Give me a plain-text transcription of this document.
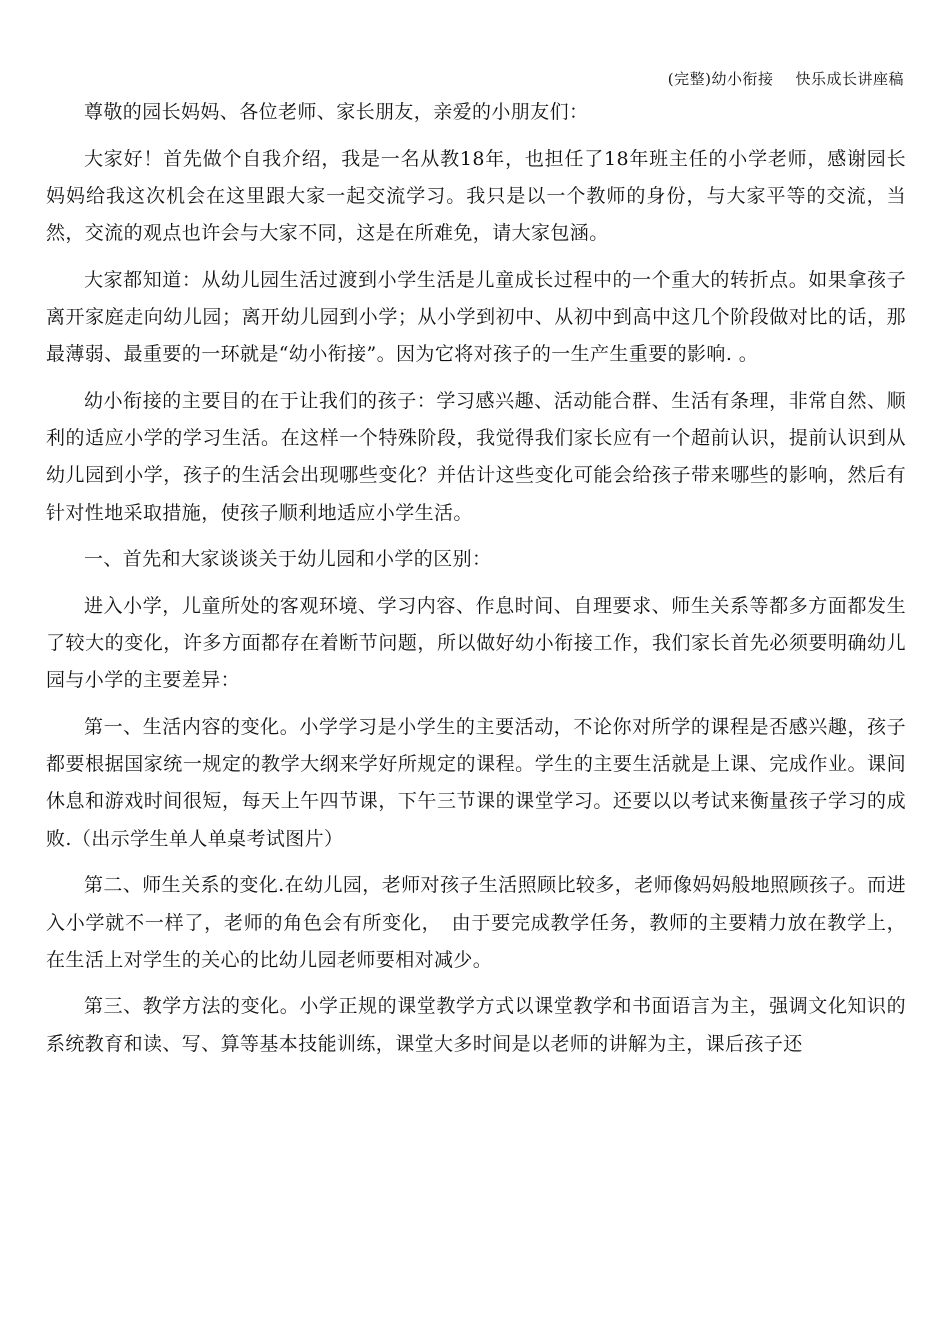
(完整)幼小衔接 快乐成长讲座稿

尊敬的园长妈妈、各位老师、家长朋友，亲爱的小朋友们：

大家好！首先做个自我介绍，我是一名从教18年，也担任了18年班主任的小学老师，感谢园长妈妈给我这次机会在这里跟大家一起交流学习。我只是以一个教师的身份，与大家平等的交流，当然，交流的观点也许会与大家不同，这是在所难免，请大家包涵。

大家都知道：从幼儿园生活过渡到小学生活是儿童成长过程中的一个重大的转折点。如果拿孩子离开家庭走向幼儿园；离开幼儿园到小学；从小学到初中、从初中到高中这几个阶段做对比的话，那最薄弱、最重要的一环就是“幼小衔接”。因为它将对孩子的一生产生重要的影响. 。

幼小衔接的主要目的在于让我们的孩子：学习感兴趣、活动能合群、生活有条理，非常自然、顺利的适应小学的学习生活。在这样一个特殊阶段，我觉得我们家长应有一个超前认识，提前认识到从幼儿园到小学，孩子的生活会出现哪些变化？并估计这些变化可能会给孩子带来哪些的影响，然后有针对性地采取措施，使孩子顺利地适应小学生活。

一、首先和大家谈谈关于幼儿园和小学的区别：

进入小学，儿童所处的客观环境、学习内容、作息时间、自理要求、师生关系等都多方面都发生了较大的变化，许多方面都存在着断节问题，所以做好幼小衔接工作，我们家长首先必须要明确幼儿园与小学的主要差异：

第一、生活内容的变化。小学学习是小学生的主要活动，不论你对所学的课程是否感兴趣，孩子都要根据国家统一规定的教学大纲来学好所规定的课程。学生的主要生活就是上课、完成作业。课间休息和游戏时间很短，每天上午四节课，下午三节课的课堂学习。还要以以考试来衡量孩子学习的成败.（出示学生单人单桌考试图片）

第二、师生关系的变化.在幼儿园，老师对孩子生活照顾比较多，老师像妈妈般地照顾孩子。而进入小学就不一样了，老师的角色会有所变化，　由于要完成教学任务，教师的主要精力放在教学上，在生活上对学生的关心的比幼儿园老师要相对减少。

第三、教学方法的变化。小学正规的课堂教学方式以课堂教学和书面语言为主，强调文化知识的系统教育和读、写、算等基本技能训练，课堂大多时间是以老师的讲解为主，课后孩子还
